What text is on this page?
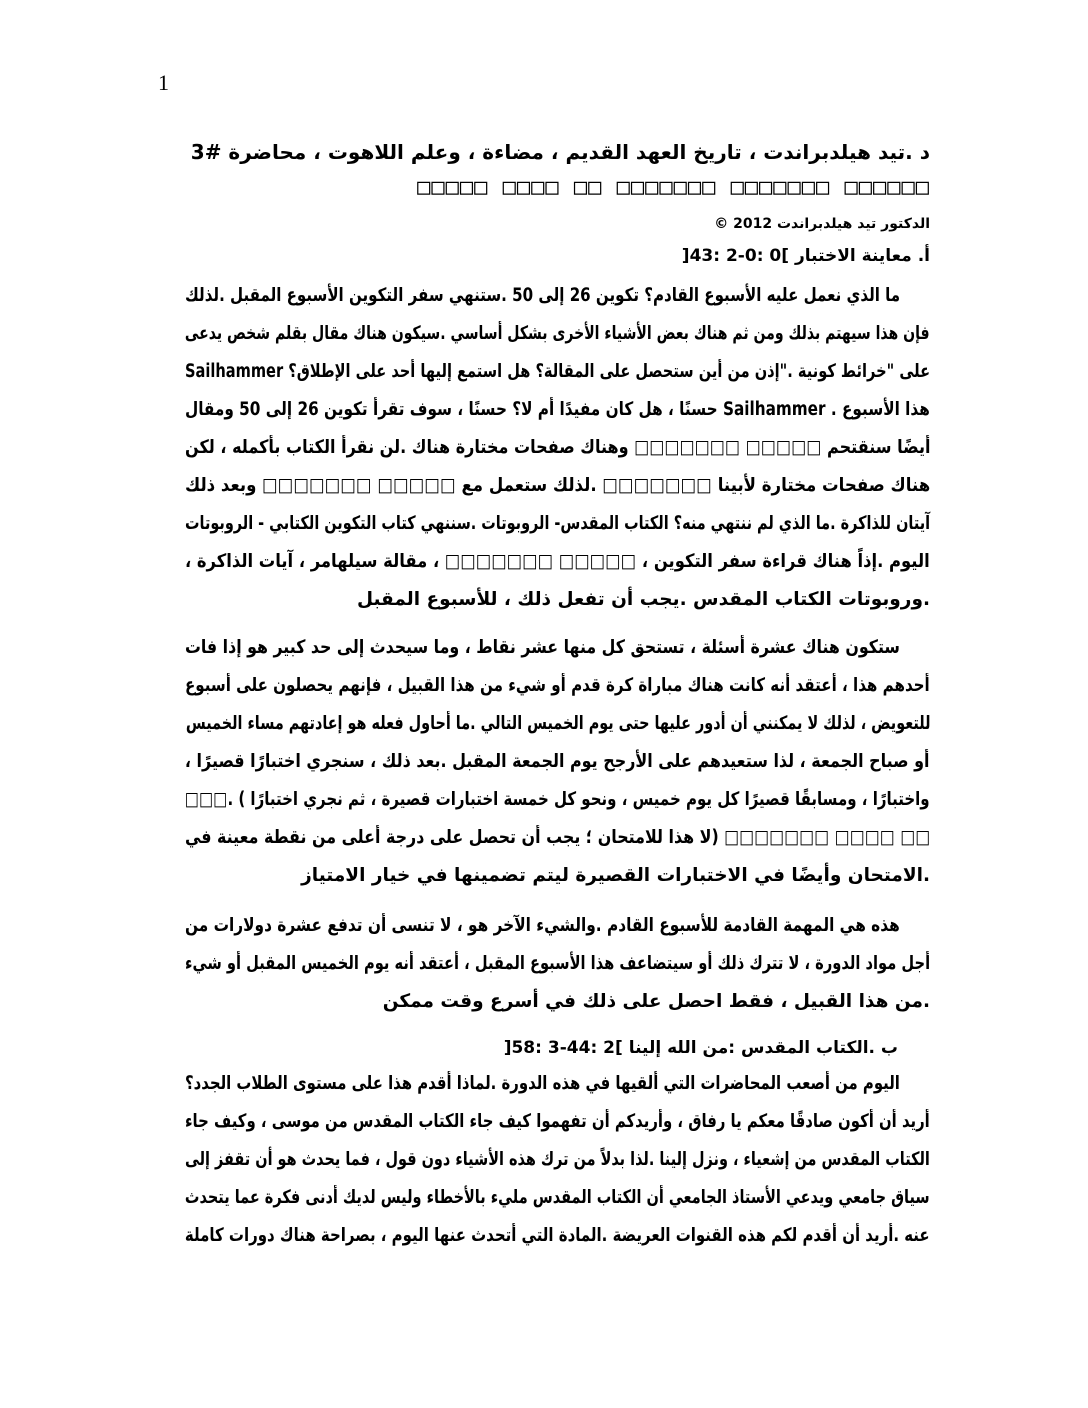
1
د .تيد هيلدبراندت ، تاريخ العهد القديم ، مضاءة ، وعلم اللاهوت ، محاضرة #3
□□□□□□ □□□□□□□ □□□□□□□ □□ □□□□ □□□□□
الدكتور تيد هيلدبراندت 2012 ©
أ. معاينة الاختبار ]0 :0-2 :43[
ما الذي نعمل عليه الأسبوع القادم؟ تكوين 26 إلى 50 .ستنهي سفر التكوين الأسبوع المقبل .لذلك
فإن هذا سيهتم بذلك ومن ثم هناك بعض الأشياء الأخرى بشكل أساسي .سيكون هناك مقال بقلم شخص يدعى
على "خرائط كونية ."إذن من أين ستحصل على المقالة؟ هل استمع إليها أحد على الإطلاق؟ Sailhammer
هذا الأسبوع . Sailhammer حسنًا ، هل كان مفيدًا أم لا؟ حسنًا ، سوف تقرأ تكوين 26 إلى 50 ومقال
أيضًا سنقتحم □□□□□ □□□□□□□ وهناك صفحات مختارة هناك .لن نقرأ الكتاب بأكمله ، لكن
هناك صفحات مختارة لأبينا □□□□□□□ .لذلك ستعمل مع □□□□□ □□□□□□□ وبعد ذلك
آيتان للذاكرة .ما الذي لم ننتهي منه؟ الكتاب المقدس- الروبوتات .سننهي كتاب التكوين الكتابي - الروبوتات
اليوم .إذاً هناك قراءة سفر التكوين ، □□□□□ □□□□□□□ ، مقالة سيلهامر ، آيات الذاكرة ،
.وروبوتات الكتاب المقدس .يجب أن تفعل ذلك ، للأسبوع المقبل
ستكون هناك عشرة أسئلة ، تستحق كل منها عشر نقاط ، وما سيحدث إلى حد كبير هو إذا فات
أحدهم هذا ، أعتقد أنه كانت هناك مباراة كرة قدم أو شيء من هذا القبيل ، فإنهم يحصلون على أسبوع
للتعويض ، لذلك لا يمكنني أن أدور عليها حتى يوم الخميس التالي .ما أحاول فعله هو إعادتهم مساء الخميس
أو صباح الجمعة ، لذا ستعيدهم على الأرجح يوم الجمعة المقبل .بعد ذلك ، سنجري اختبارًا قصيرًا ،
واختبارًا ، ومسابقًا قصيرًا كل يوم خميس ، ونحو كل خمسة اختبارات قصيرة ، ثم نجري اختبارًا ) .□□□
□□ □□□□ □□□□□□□ (لا هذا للامتحان ؛ يجب أن تحصل على درجة أعلى من نقطة معينة في
.الامتحان وأيضًا في الاختبارات القصيرة ليتم تضمينها في خيار الامتياز
هذه هي المهمة القادمة للأسبوع القادم .والشيء الآخر هو ، لا تنسى أن تدفع عشرة دولارات من
أجل مواد الدورة ، لا تترك ذلك أو سيتضاعف هذا الأسبوع المقبل ، أعتقد أنه يوم الخميس المقبل أو شيء
.من هذا القبيل ، فقط احصل على ذلك في أسرع وقت ممكن
ب .الكتاب المقدس :من الله إلينا ]2 :44-3 :58[
اليوم من أصعب المحاضرات التي ألقيها في هذه الدورة .لماذا أقدم هذا على مستوى الطلاب الجدد؟
أريد أن أكون صادقًا معكم يا رفاق ، وأريدكم أن تفهموا كيف جاء الكتاب المقدس من موسى ، وكيف جاء
الكتاب المقدس من إشعياء ، ونزل إلينا .لذا بدلاً من ترك هذه الأشياء دون قول ، فما يحدث هو أن تقفز إلى
سياق جامعي ويدعي الأستاذ الجامعي أن الكتاب المقدس مليء بالأخطاء وليس لديك أدنى فكرة عما يتحدث
عنه .أريد أن أقدم لكم هذه القنوات العريضة .المادة التي أتحدث عنها اليوم ، بصراحة هناك دورات كاملة
